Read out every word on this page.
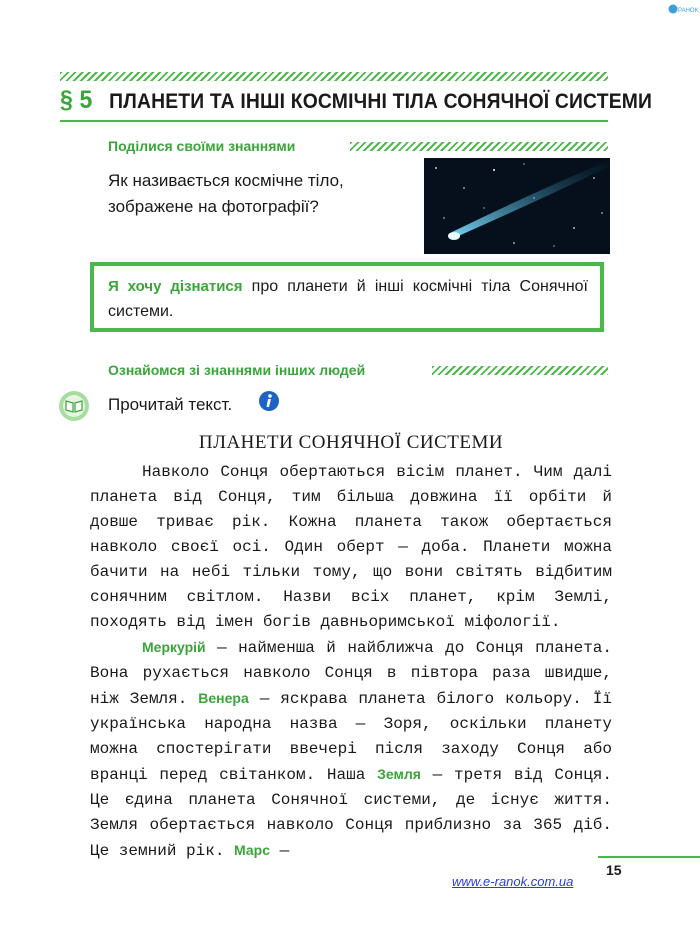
РАНОК
§ 5 ПЛАНЕТИ ТА ІНШІ КОСМІЧНІ ТІЛА СОНЯЧНОЇ СИСТЕМИ
Поділися своїми знаннями
Як називається космічне тіло,
зображене на фотографії?
Я хочу дізнатися про планети й інші космічні тіла Сонячної системи.
Ознайомся зі знаннями інших людей
Прочитай текст.
ПЛАНЕТИ СОНЯЧНОЇ СИСТЕМИ

Навколо Сонця обертаються вісім планет. Чим далі планета від Сонця, тим більша довжина її орбіти й довше триває рік. Кожна планета також обертається навколо своєї осі. Один оберт — доба. Планети можна бачити на небі тільки тому, що вони світять відбитим сонячним світлом. Назви всіх планет, крім Землі, походять від імен богів давньоримської міфології.

Меркурій — найменша й найближча до Сонця планета. Вона рухається навколо Сонця в півтора раза швидше, ніж Земля. Венера — яскрава планета білого кольору. Її українська народна назва — Зоря, оскільки планету можна спостерігати ввечері після заходу Сонця або вранці перед світанком. Наша Земля — третя від Сонця. Це єдина планета Сонячної системи, де існує життя. Земля обертається навколо Сонця приблизно за 365 діб. Це земний рік. Марс —

15
www.e-ranok.com.ua
